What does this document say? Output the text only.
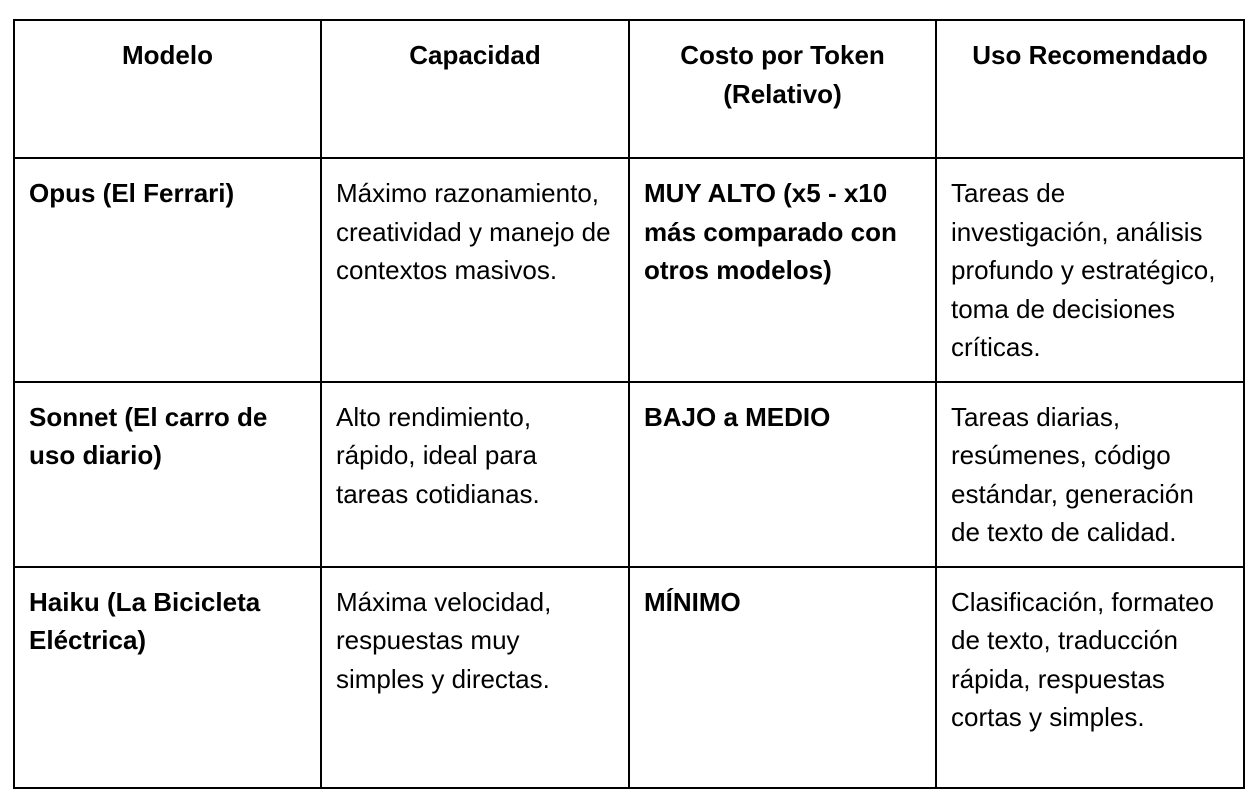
Modelo	Capacidad	Costo por Token (Relativo)	Uso Recomendado
Opus (El Ferrari)	Máximo razonamiento, creatividad y manejo de contextos masivos.	MUY ALTO (x5 - x10 más comparado con otros modelos)	Tareas de investigación, análisis profundo y estratégico, toma de decisiones críticas.
Sonnet (El carro de uso diario)	Alto rendimiento, rápido, ideal para tareas cotidianas.	BAJO a MEDIO	Tareas diarias, resúmenes, código estándar, generación de texto de calidad.
Haiku (La Bicicleta Eléctrica)	Máxima velocidad, respuestas muy simples y directas.	MÍNIMO	Clasificación, formateo de texto, traducción rápida, respuestas cortas y simples.
